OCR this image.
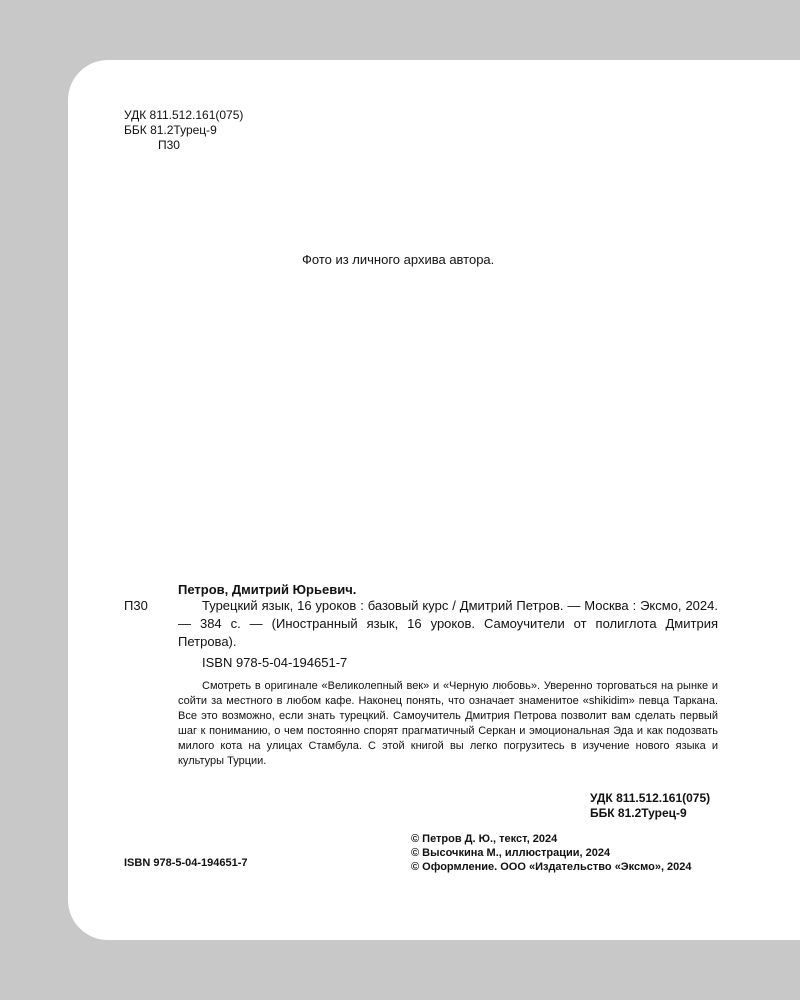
УДК 811.512.161(075)
ББК 81.2Турец-9
П30
Фото из личного архива автора.
Петров, Дмитрий Юрьевич.
П30	Турецкий язык, 16 уроков : базовый курс / Дмитрий Петров. — Москва : Эксмо, 2024. — 384 с. — (Иностранный язык, 16 уроков. Самоучители от полиглота Дмитрия Петрова).
ISBN 978-5-04-194651-7
Смотреть в оригинале «Великолепный век» и «Черную любовь». Уверенно торговаться на рынке и сойти за местного в любом кафе. Наконец понять, что означает знаменитое «shikidim» певца Таркана. Все это возможно, если знать турецкий. Самоучитель Дмитрия Петрова позволит вам сделать первый шаг к пониманию, о чем постоянно спорят прагматичный Серкан и эмоциональная Эда и как подозвать милого кота на улицах Стамбула. С этой книгой вы легко погрузитесь в изучение нового языка и культуры Турции.
УДК 811.512.161(075)
ББК 81.2Турец-9
ISBN 978-5-04-194651-7
© Петров Д. Ю., текст, 2024
© Высочкина М., иллюстрации, 2024
© Оформление. ООО «Издательство «Эксмо», 2024
